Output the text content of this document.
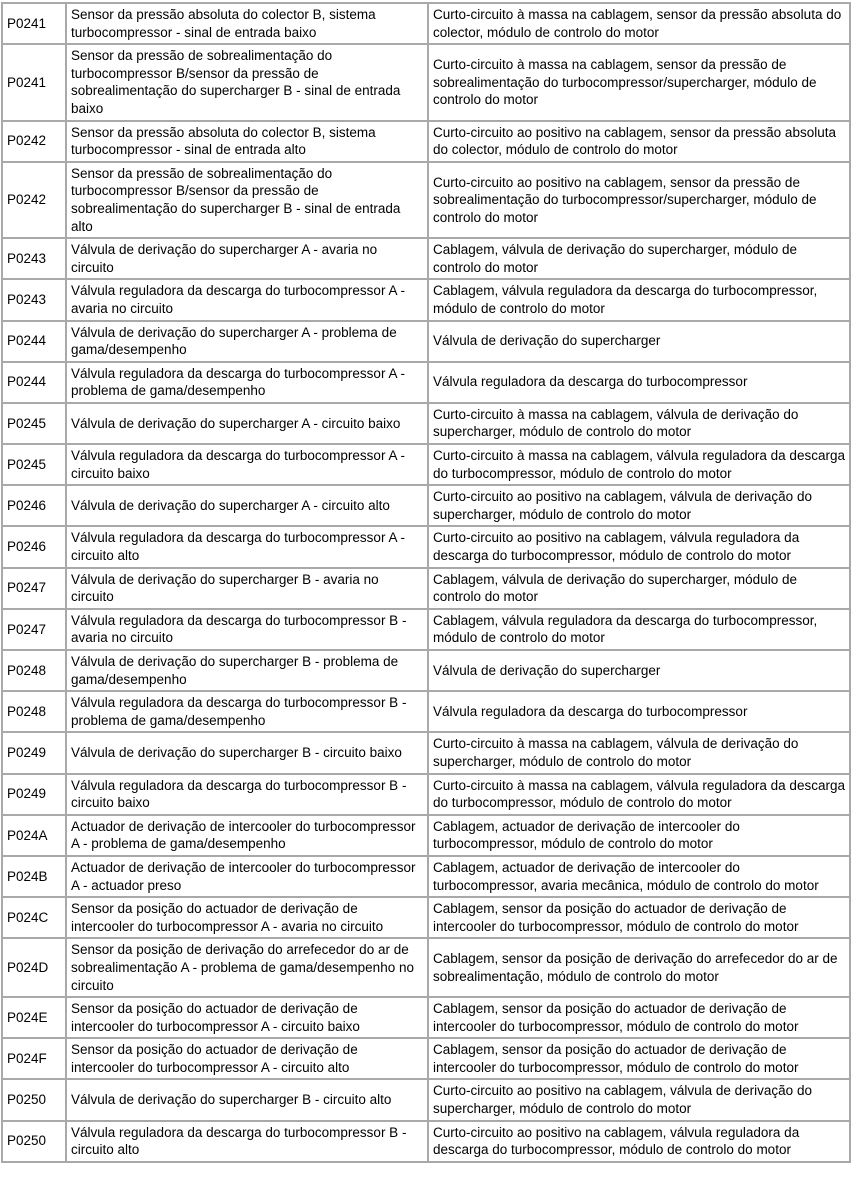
P0241	Sensor da pressão absoluta do colector B, sistema turbocompressor - sinal de entrada baixo	Curto-circuito à massa na cablagem, sensor da pressão absoluta do colector, módulo de controlo do motor
P0241	Sensor da pressão de sobrealimentação do turbocompressor B/sensor da pressão de sobrealimentação do supercharger B - sinal de entrada baixo	Curto-circuito à massa na cablagem, sensor da pressão de sobrealimentação do turbocompressor/supercharger, módulo de controlo do motor
P0242	Sensor da pressão absoluta do colector B, sistema turbocompressor - sinal de entrada alto	Curto-circuito ao positivo na cablagem, sensor da pressão absoluta do colector, módulo de controlo do motor
P0242	Sensor da pressão de sobrealimentação do turbocompressor B/sensor da pressão de sobrealimentação do supercharger B - sinal de entrada alto	Curto-circuito ao positivo na cablagem, sensor da pressão de sobrealimentação do turbocompressor/supercharger, módulo de controlo do motor
P0243	Válvula de derivação do supercharger A - avaria no circuito	Cablagem, válvula de derivação do supercharger, módulo de controlo do motor
P0243	Válvula reguladora da descarga do turbocompressor A - avaria no circuito	Cablagem, válvula reguladora da descarga do turbocompressor, módulo de controlo do motor
P0244	Válvula de derivação do supercharger A - problema de gama/desempenho	Válvula de derivação do supercharger
P0244	Válvula reguladora da descarga do turbocompressor A - problema de gama/desempenho	Válvula reguladora da descarga do turbocompressor
P0245	Válvula de derivação do supercharger A - circuito baixo	Curto-circuito à massa na cablagem, válvula de derivação do supercharger, módulo de controlo do motor
P0245	Válvula reguladora da descarga do turbocompressor A - circuito baixo	Curto-circuito à massa na cablagem, válvula reguladora da descarga do turbocompressor, módulo de controlo do motor
P0246	Válvula de derivação do supercharger A - circuito alto	Curto-circuito ao positivo na cablagem, válvula de derivação do supercharger, módulo de controlo do motor
P0246	Válvula reguladora da descarga do turbocompressor A - circuito alto	Curto-circuito ao positivo na cablagem, válvula reguladora da descarga do turbocompressor, módulo de controlo do motor
P0247	Válvula de derivação do supercharger B - avaria no circuito	Cablagem, válvula de derivação do supercharger, módulo de controlo do motor
P0247	Válvula reguladora da descarga do turbocompressor B - avaria no circuito	Cablagem, válvula reguladora da descarga do turbocompressor, módulo de controlo do motor
P0248	Válvula de derivação do supercharger B - problema de gama/desempenho	Válvula de derivação do supercharger
P0248	Válvula reguladora da descarga do turbocompressor B - problema de gama/desempenho	Válvula reguladora da descarga do turbocompressor
P0249	Válvula de derivação do supercharger B - circuito baixo	Curto-circuito à massa na cablagem, válvula de derivação do supercharger, módulo de controlo do motor
P0249	Válvula reguladora da descarga do turbocompressor B - circuito baixo	Curto-circuito à massa na cablagem, válvula reguladora da descarga do turbocompressor, módulo de controlo do motor
P024A	Actuador de derivação de intercooler do turbocompressor A - problema de gama/desempenho	Cablagem, actuador de derivação de intercooler do turbocompressor, módulo de controlo do motor
P024B	Actuador de derivação de intercooler do turbocompressor A - actuador preso	Cablagem, actuador de derivação de intercooler do turbocompressor, avaria mecânica, módulo de controlo do motor
P024C	Sensor da posição do actuador de derivação de intercooler do turbocompressor A - avaria no circuito	Cablagem, sensor da posição do actuador de derivação de intercooler do turbocompressor, módulo de controlo do motor
P024D	Sensor da posição de derivação do arrefecedor do ar de sobrealimentação A - problema de gama/desempenho no circuito	Cablagem, sensor da posição de derivação do arrefecedor do ar de sobrealimentação, módulo de controlo do motor
P024E	Sensor da posição do actuador de derivação de intercooler do turbocompressor A - circuito baixo	Cablagem, sensor da posição do actuador de derivação de intercooler do turbocompressor, módulo de controlo do motor
P024F	Sensor da posição do actuador de derivação de intercooler do turbocompressor A - circuito alto	Cablagem, sensor da posição do actuador de derivação de intercooler do turbocompressor, módulo de controlo do motor
P0250	Válvula de derivação do supercharger B - circuito alto	Curto-circuito ao positivo na cablagem, válvula de derivação do supercharger, módulo de controlo do motor
P0250	Válvula reguladora da descarga do turbocompressor B - circuito alto	Curto-circuito ao positivo na cablagem, válvula reguladora da descarga do turbocompressor, módulo de controlo do motor
